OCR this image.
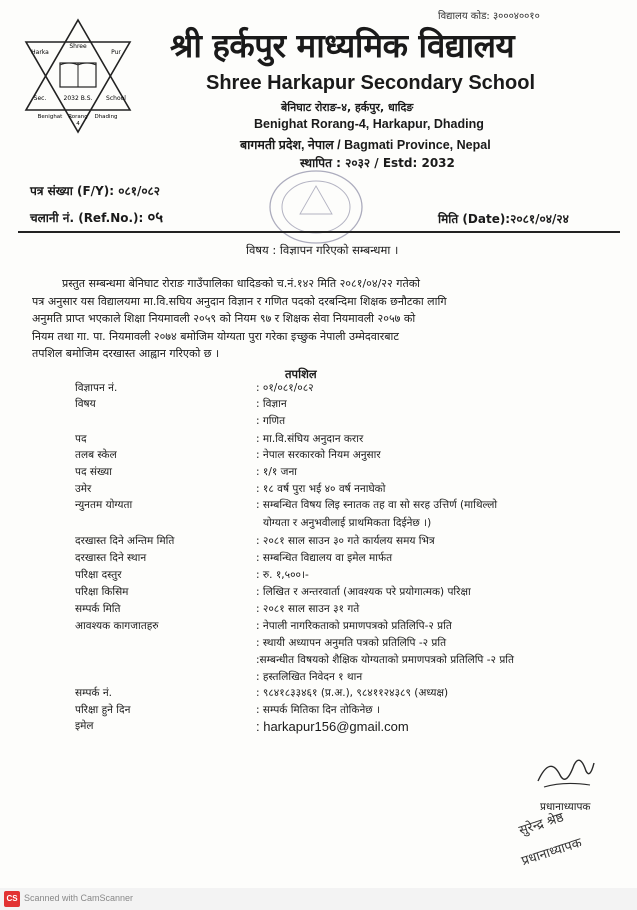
विद्यालय कोड: ३०००४००१०
Shree
Harka	Pur
Sec.	2032 B.S. School
Benighat Rorang
4
Dhading
श्री हर्कपुर माध्यमिक विद्यालय
Shree Harkapur Secondary School
बेनिघाट रोराङ-४, हर्कपुर, धादिङ
Benighat Rorang-4, Harkapur, Dhading
बागमती प्रदेश, नेपाल / Bagmati Province, Nepal
स्थापित : २०३२ / Estd: 2032
पत्र संख्या (F/Y): ०८१/०८२
चलानी नं. (Ref.No.): ०५	मिति (Date):२०८१/०४/२४
विषय : विज्ञापन गरिएको सम्बन्धमा ।
प्रस्तुत सम्बन्धमा बेनिघाट रोराङ गाउँपालिका धादिङको च.नं.१४२ मिति २०८१/०४/२२ गतेको
पत्र अनुसार यस विद्यालयमा मा.वि.सघिय अनुदान विज्ञान र गणित पदको दरबन्दिमा शिक्षक छनौटका लागि
अनुमति प्राप्त भएकाले शिक्षा नियमावली २०५९ को नियम ९७ र शिक्षक सेवा नियमावली २०५७ को
नियम तथा गा. पा. नियमावली २०७४ बमोजिम योग्यता पुरा गरेका इच्छुक नेपाली उम्मेदवारबाट
तपशिल बमोजिम दरखास्त आह्वान गरिएको छ ।
तपशिल
विज्ञापन नं.	: ०१/०८१/०८२
विषय	: विज्ञान
: गणित
पद	: मा.वि.संघिय अनुदान करार
तलब स्केल	: नेपाल सरकारको नियम अनुसार
पद संख्या	: १/१ जना
उमेर	: १८ वर्ष पुरा भई ४० वर्ष ननाघेको
न्युनतम योग्यता	: सम्बन्धित विषय लिइ स्नातक तह वा सो सरह उत्तिर्ण (माथिल्लो
योग्यता र अनुभवीलाई प्राथमिकता दिईनेछ ।)
दरखास्त दिने अन्तिम मिति	: २०८१ साल साउन ३० गते कार्यलय समय भित्र
दरखास्त दिने स्थान	: सम्बन्धित विद्यालय वा इमेल मार्फत
परिक्षा दस्तुर	: रु. १,५००।-
परिक्षा किसिम	: लिखित र अन्तरवार्ता (आवश्यक परे प्रयोगात्मक) परिक्षा
सम्पर्क मिति	: २०८१ साल साउन ३१ गते
आवश्यक कागजातहरु	: नेपाली नागरिकताको प्रमाणपत्रको प्रतिलिपि-२ प्रति
: स्थायी अध्यापन अनुमति पत्रको प्रतिलिपि -२ प्रति
:सम्बन्धीत विषयको शैक्षिक योग्यताको प्रमाणपत्रको प्रतिलिपि -२ प्रति
: हस्तलिखित निवेदन १ थान
सम्पर्क नं.	: ९८४१८३३४६१ (प्र.अ.), ९८४११२४३८९ (अध्यक्ष)
परिक्षा हुने दिन	: सम्पर्क मितिका दिन तोकिनेछ ।
इमेल	: harkapur156@gmail.com
प्रधानाध्यापक
सुरेन्द्र श्रेष्ठ
प्रधानाध्यापक
CS Scanned with CamScanner
